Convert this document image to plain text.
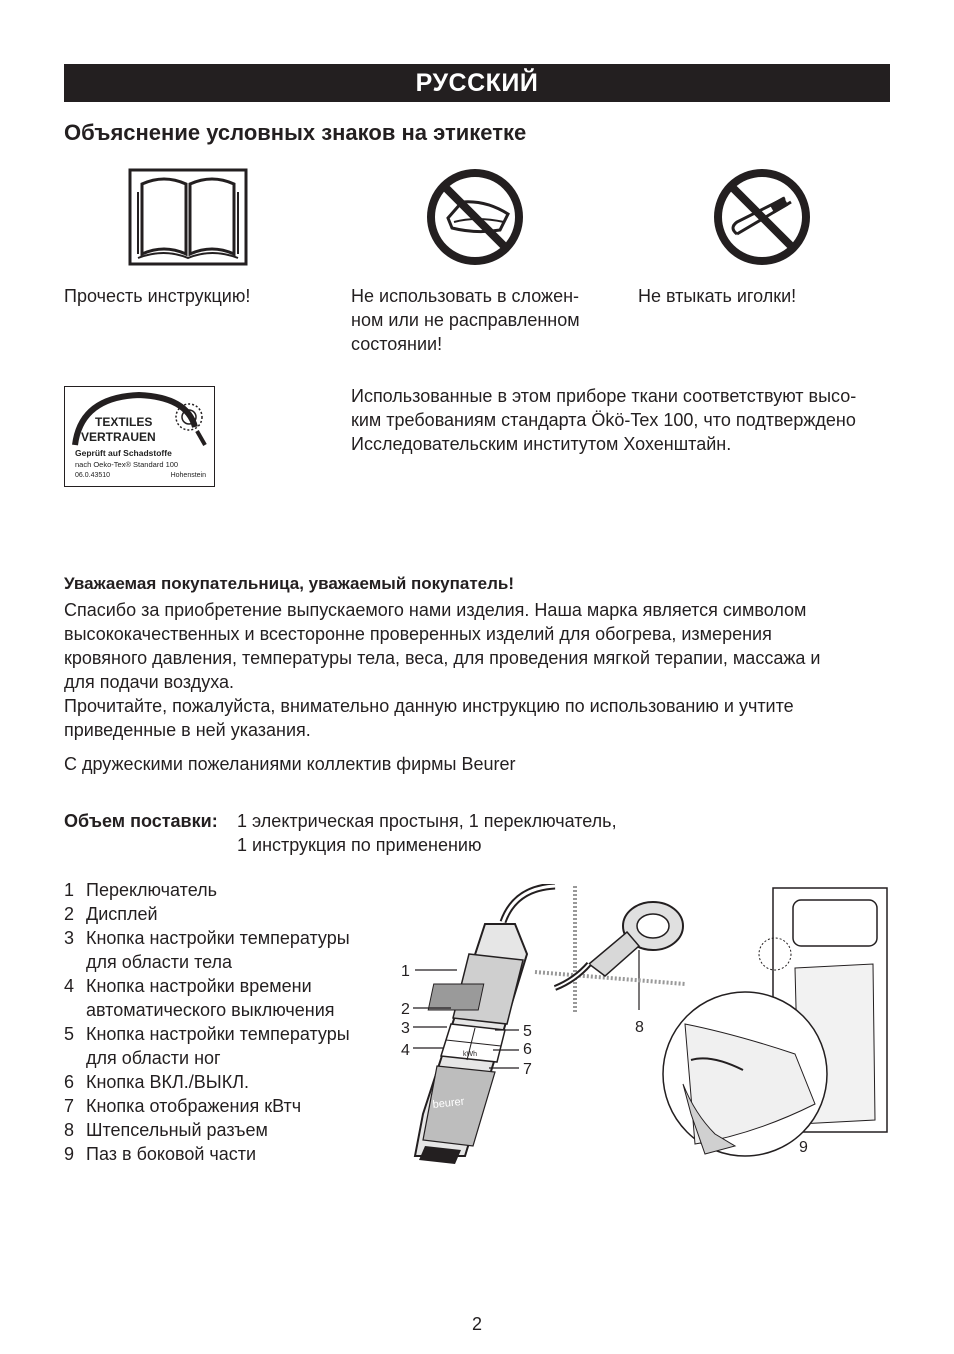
РУССКИЙ
Объяснение условных знаков на этикетке
Прочесть инструкцию!	Не использовать в сложен-
ном или не расправленном
состоянии!
Не втыкать иголки!
TEXTILES
VERTRAUEN
Geprüft auf Schadstoffe
nach Oeko-Tex® Standard 100
06.0.43510	Hohenstein
Использованные в этом приборе ткани соответствуют высо-
ким требованиям стандарта Ökö-Tex 100, что подтверждено
Исследовательским институтом Хохенштайн.
Уважаемая покупательница, уважаемый покупатель!
Спасибо за приобретение выпускаемого нами изделия. Наша марка является символом
высококачественных и всесторонне проверенных изделий для обогрева, измерения
кровяного давления, температуры тела, веса, для проведения мягкой терапии, массажа и
для подачи воздуха.
Прочитайте, пожалуйста, внимательно данную инструкцию по использованию и учтите
приведенные в ней указания.
С дружескими пожеланиями коллектив фирмы Beurer
Объем поставки: 1 электрическая простыня, 1 переключатель,
1 инструкция по применению
1 Переключатель
2 Дисплей
3 Кнопка настройки температуры
для области тела
4 Кнопка настройки времени
автоматического выключения
5 Кнопка настройки температуры
для области ног
6 Кнопка ВКЛ./ВЫКЛ.
7 Кнопка отображения кВтч
8 Штепсельный разъем
9 Паз в боковой части
beurer
kWh
1
2
3
4
5
6
7
8
9
2
